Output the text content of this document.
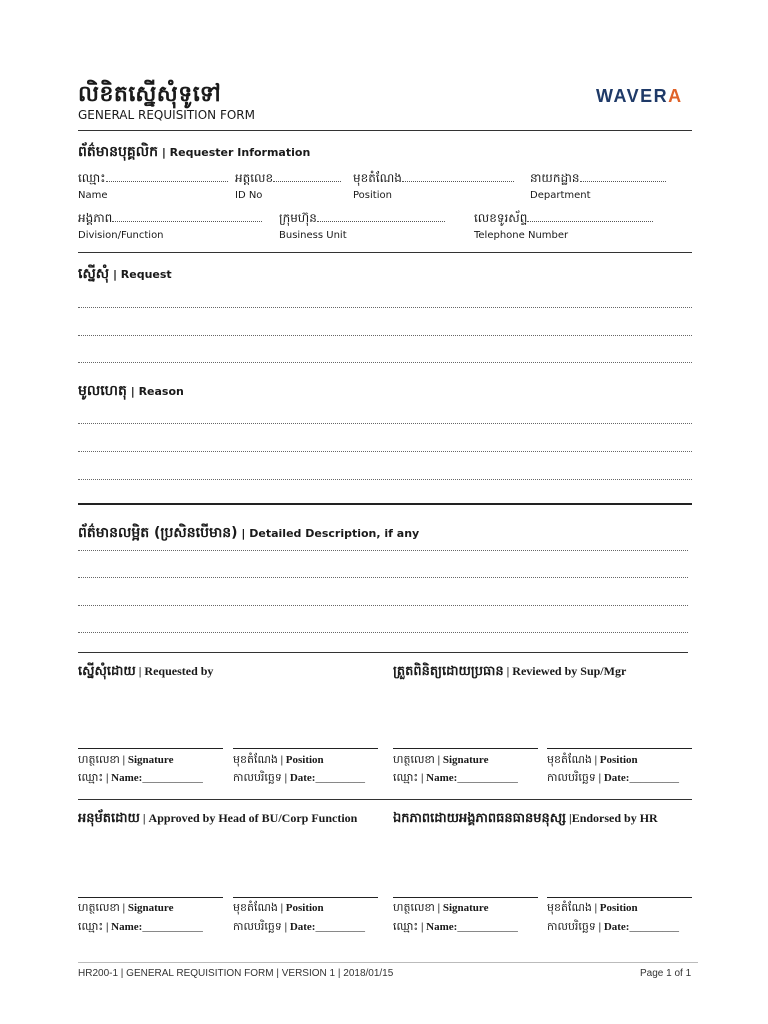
លិខិតស្នើសុំទូទៅ
GENERAL REQUISITION FORM
WAVERA
ព័ត៌មានបុគ្គលិក | Requester Information
ឈ្មោះ
Name
អត្តលេខ
ID No
មុខតំណែង
Position
នាយកដ្ឋាន
Department
អង្គភាព
Division/Function
ក្រុមហ៊ុន
Business Unit
លេខទូរស័ព្ទ
Telephone Number
ស្នើសុំ | Request
មូលហេតុ | Reason
ព័ត៌មានលម្អិត (ប្រសិនបើមាន) | Detailed Description, if any
ស្នើសុំដោយ | Requested by	ត្រួតពិនិត្យដោយប្រធាន | Reviewed by Sup/Mgr
ហត្ថលេខា | Signature	មុខតំណែង | Position	ហត្ថលេខា | Signature	មុខតំណែង | Position
ឈ្មោះ | Name:___________	កាលបរិច្ឆេទ | Date:_________	ឈ្មោះ | Name:___________	កាលបរិច្ឆេទ | Date:_________
អនុម័តដោយ | Approved by Head of BU/Corp Function	ឯកភាពដោយអង្គភាពធនធានមនុស្ស |Endorsed by HR
ហត្ថលេខា | Signature	មុខតំណែង | Position	ហត្ថលេខា | Signature	មុខតំណែង | Position
ឈ្មោះ | Name:___________	កាលបរិច្ឆេទ | Date:_________	ឈ្មោះ | Name:___________	កាលបរិច្ឆេទ | Date:_________
HR200-1 | GENERAL REQUISITION FORM | VERSION 1 | 2018/01/15	Page 1 of 1
